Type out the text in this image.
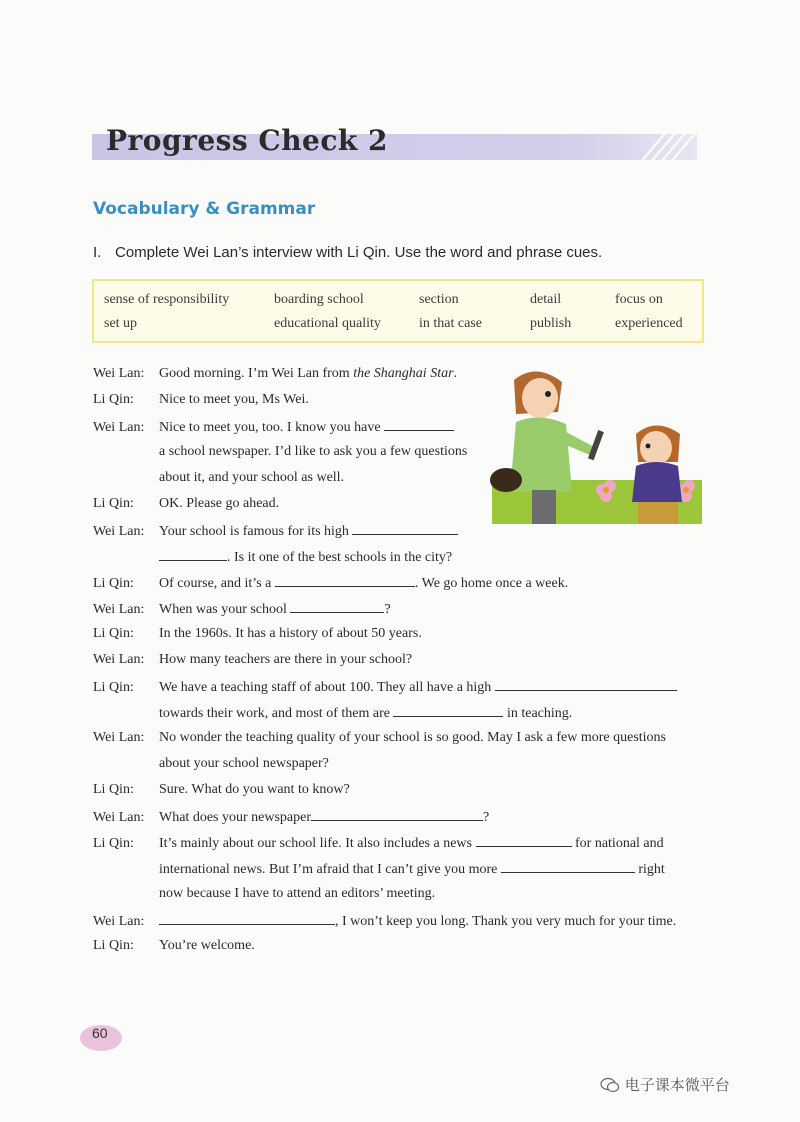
Progress Check 2
Vocabulary & Grammar
I. Complete Wei Lan’s interview with Li Qin. Use the word and phrase cues.
sense of responsibility	boarding school	section	detail	focus on
set up	educational quality	in that case	publish	experienced
Wei Lan: Good morning. I’m Wei Lan from the Shanghai Star.
Li Qin: Nice to meet you, Ms Wei.
Wei Lan: Nice to meet you, too. I know you have
a school newspaper. I’d like to ask you a few questions
about it, and your school as well.
Li Qin: OK. Please go ahead.
Wei Lan: Your school is famous for its high
. Is it one of the best schools in the city?
Li Qin: Of course, and it’s a	. We go home once a week.
Wei Lan: When was your school	?
Li Qin: In the 1960s. It has a history of about 50 years.
Wei Lan: How many teachers are there in your school?
Li Qin: We have a teaching staff of about 100. They all have a high
towards their work, and most of them are	in teaching.
Wei Lan: No wonder the teaching quality of your school is so good. May I ask a few more questions
about your school newspaper?
Li Qin: Sure. What do you want to know?
Wei Lan: What does your newspaper	?
Li Qin: It’s mainly about our school life. It also includes a news	for national and
international news. But I’m afraid that I can’t give you more	right
now because I have to attend an editors’ meeting.
Wei Lan:	, I won’t keep you long. Thank you very much for your time.
Li Qin: You’re welcome.
60
电子课本微平台
